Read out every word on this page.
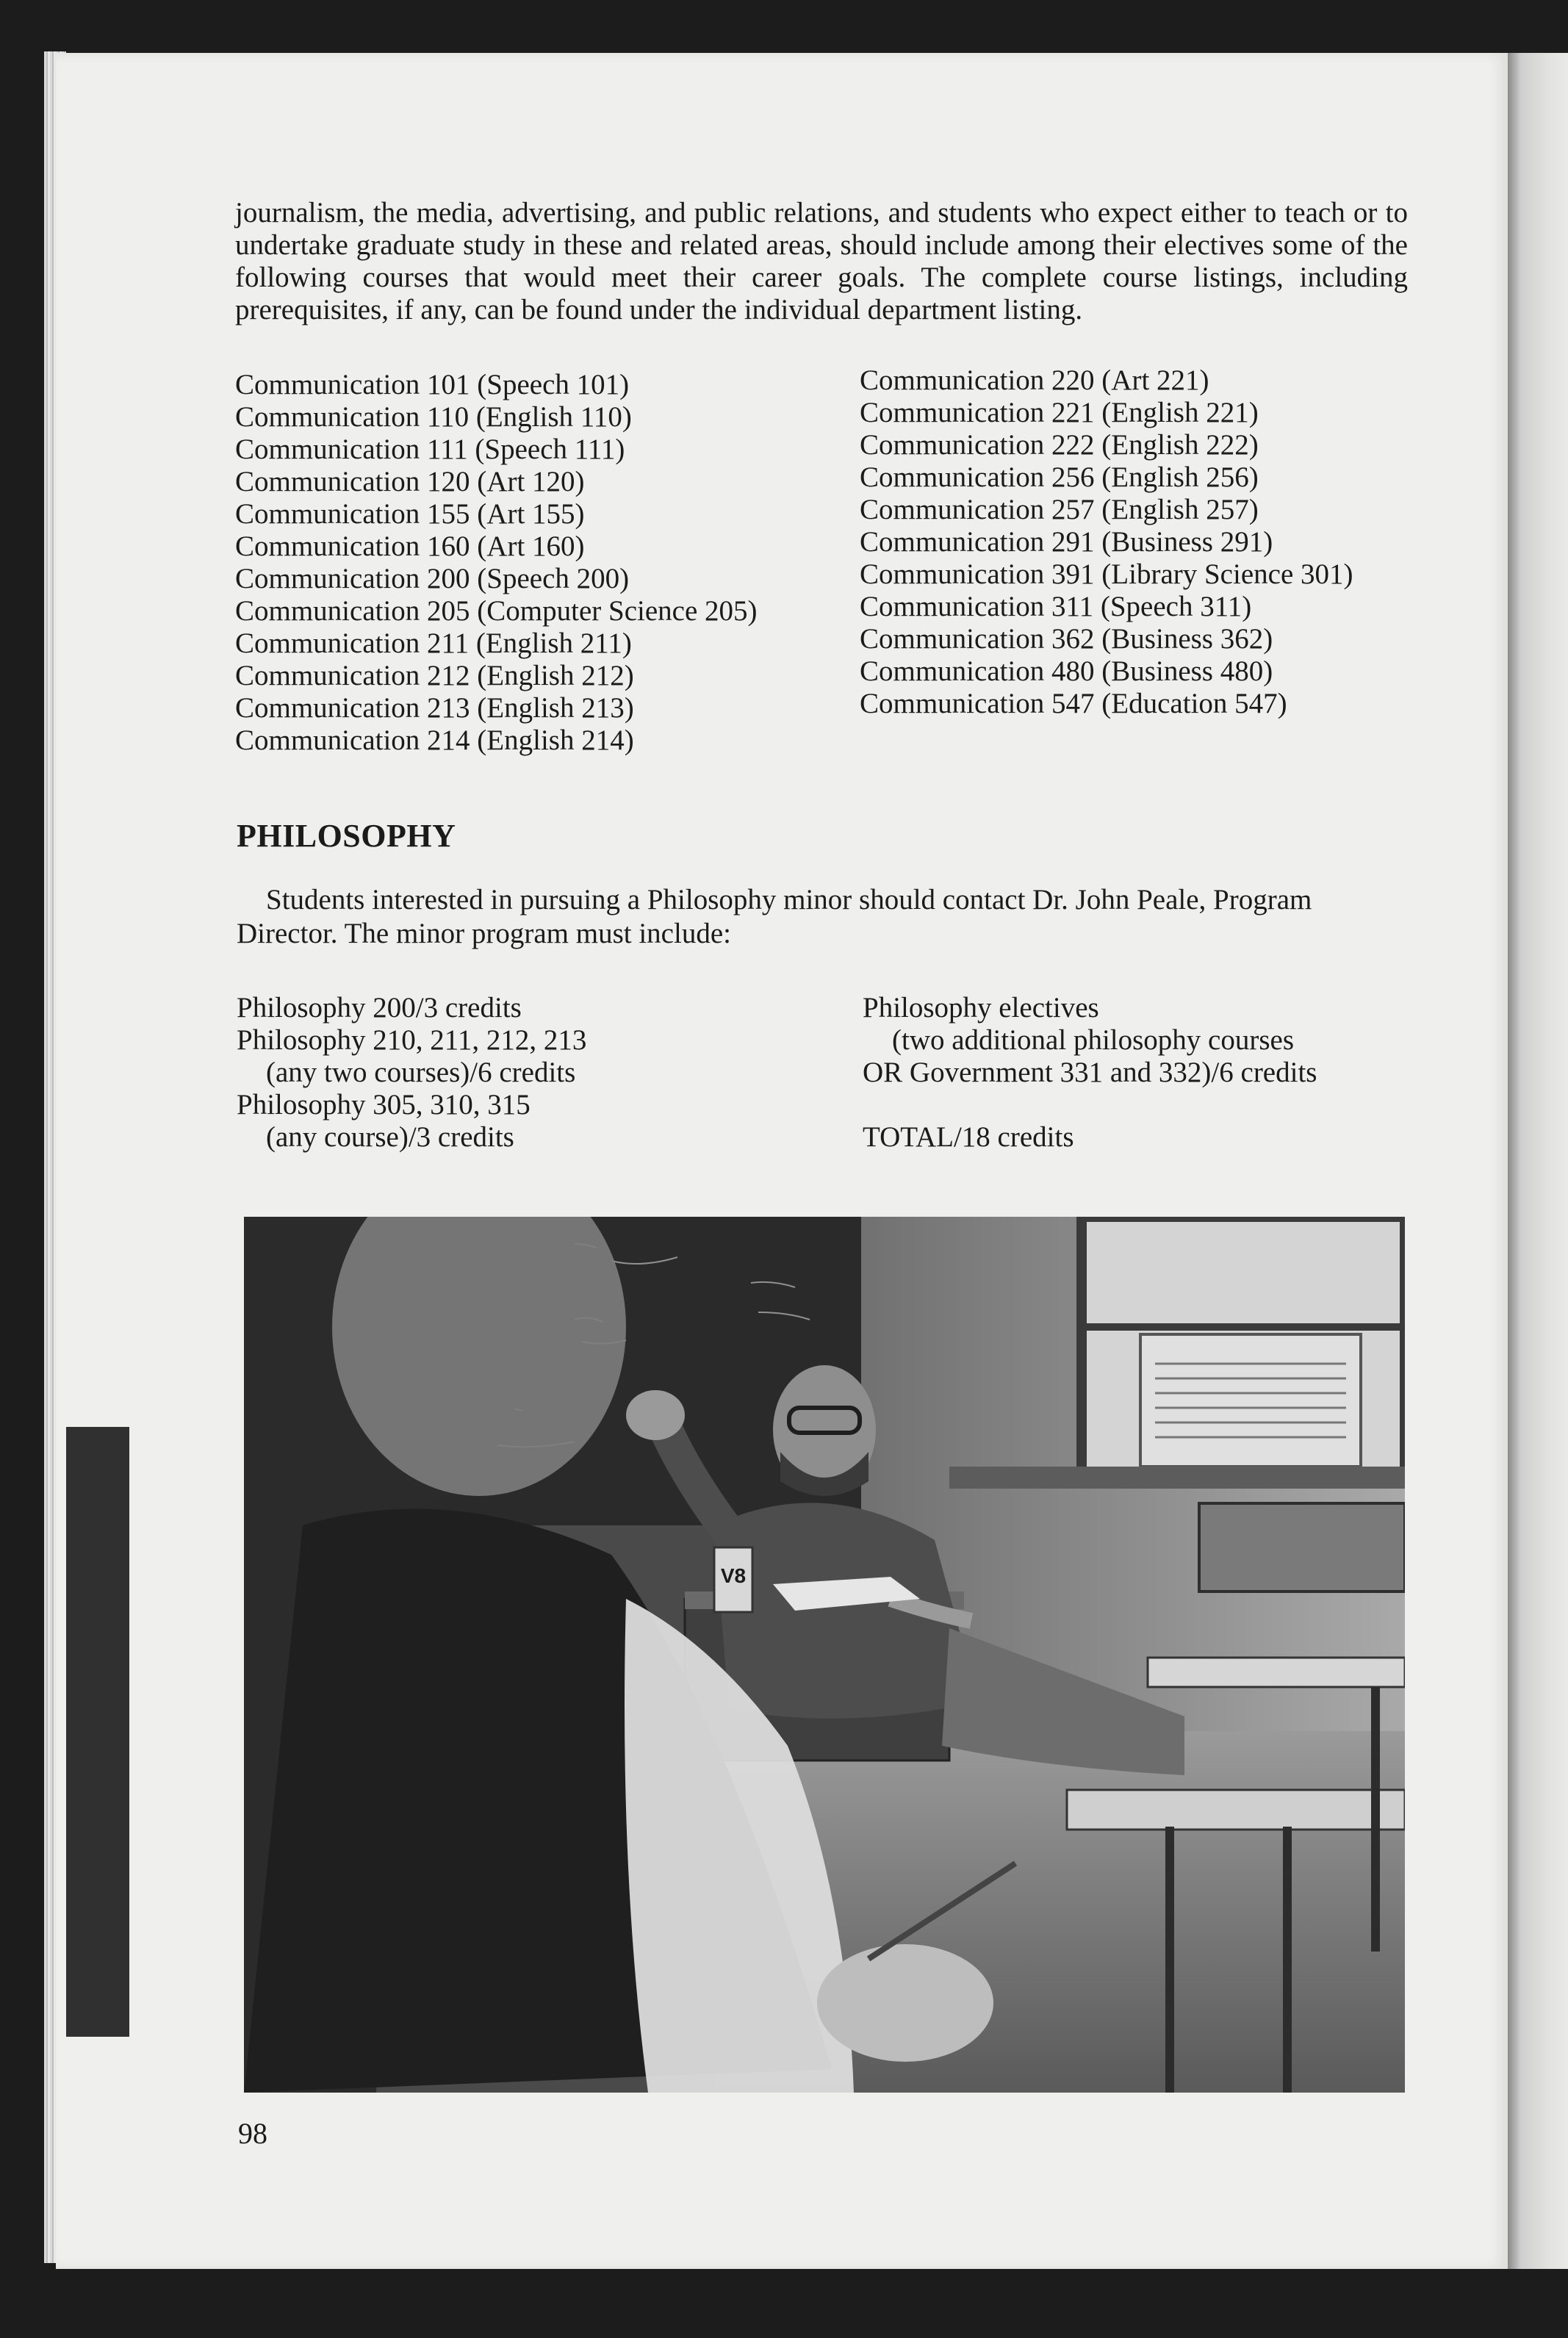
journalism, the media, advertising, and public relations, and students who expect either to teach or to undertake graduate study in these and related areas, should include among their electives some of the following courses that would meet their career goals. The complete course listings, including prerequisites, if any, can be found under the individual department listing.

Communication 101 (Speech 101)
Communication 110 (English 110)
Communication 111 (Speech 111)
Communication 120 (Art 120)
Communication 155 (Art 155)
Communication 160 (Art 160)
Communication 200 (Speech 200)
Communication 205 (Computer Science 205)
Communication 211 (English 211)
Communication 212 (English 212)
Communication 213 (English 213)
Communication 214 (English 214)
Communication 220 (Art 221)
Communication 221 (English 221)
Communication 222 (English 222)
Communication 256 (English 256)
Communication 257 (English 257)
Communication 291 (Business 291)
Communication 391 (Library Science 301)
Communication 311 (Speech 311)
Communication 362 (Business 362)
Communication 480 (Business 480)
Communication 547 (Education 547)
PHILOSOPHY

Students interested in pursuing a Philosophy minor should contact Dr. John Peale, Program Director. The minor program must include:

Philosophy 200/3 credits
Philosophy 210, 211, 212, 213
(any two courses)/6 credits
Philosophy 305, 310, 315
(any course)/3 credits
Philosophy electives
(two additional philosophy courses
OR Government 331 and 332)/6 credits
TOTAL/18 credits
V8
98
